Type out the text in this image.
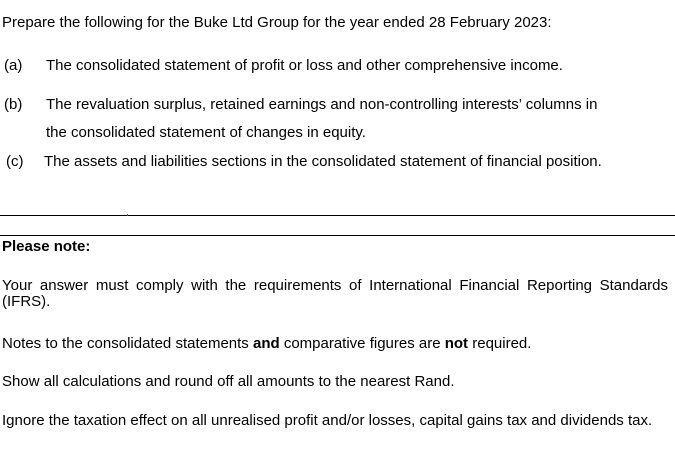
Prepare the following for the Buke Ltd Group for the year ended 28 February 2023:
(a) The consolidated statement of profit or loss and other comprehensive income.
(b) The revaluation surplus, retained earnings and non-controlling interests’ columns in
the consolidated statement of changes in equity.
(c) The assets and liabilities sections in the consolidated statement of financial position.
Please note:
Your answer must comply with the requirements of International Financial Reporting Standards (IFRS).
Notes to the consolidated statements and comparative figures are not required.
Show all calculations and round off all amounts to the nearest Rand.
Ignore the taxation effect on all unrealised profit and/or losses, capital gains tax and dividends tax.
